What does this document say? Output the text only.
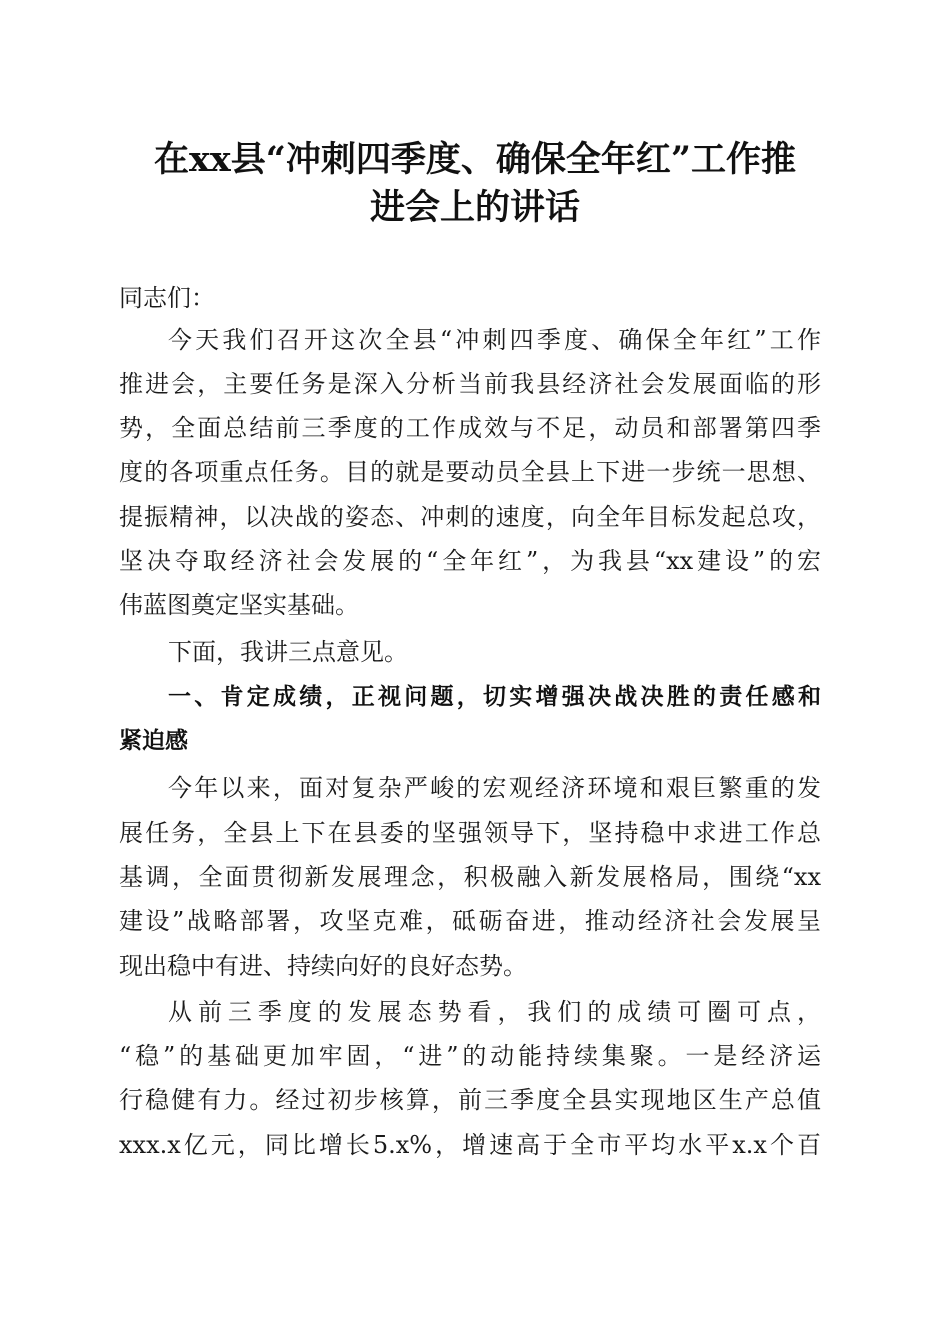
在xx县“冲刺四季度、确保全年红”工作推
进会上的讲话
同志们：
今天我们召开这次全县“冲刺四季度、确保全年红”工作
推进会，主要任务是深入分析当前我县经济社会发展面临的形
势，全面总结前三季度的工作成效与不足，动员和部署第四季
度的各项重点任务。目的就是要动员全县上下进一步统一思想、
提振精神，以决战的姿态、冲刺的速度，向全年目标发起总攻，
坚决夺取经济社会发展的“全年红”，为我县“xx建设”的宏
伟蓝图奠定坚实基础。
下面，我讲三点意见。
一、肯定成绩，正视问题，切实增强决战决胜的责任感和
紧迫感
今年以来，面对复杂严峻的宏观经济环境和艰巨繁重的发
展任务，全县上下在县委的坚强领导下，坚持稳中求进工作总
基调，全面贯彻新发展理念，积极融入新发展格局，围绕“xx
建设”战略部署，攻坚克难，砥砺奋进，推动经济社会发展呈
现出稳中有进、持续向好的良好态势。
从前三季度的发展态势看，我们的成绩可圈可点，
“稳”的基础更加牢固，“进”的动能持续集聚。一是经济运
行稳健有力。经过初步核算，前三季度全县实现地区生产总值
xxx.x亿元，同比增长5.x%，增速高于全市平均水平x.x个百
